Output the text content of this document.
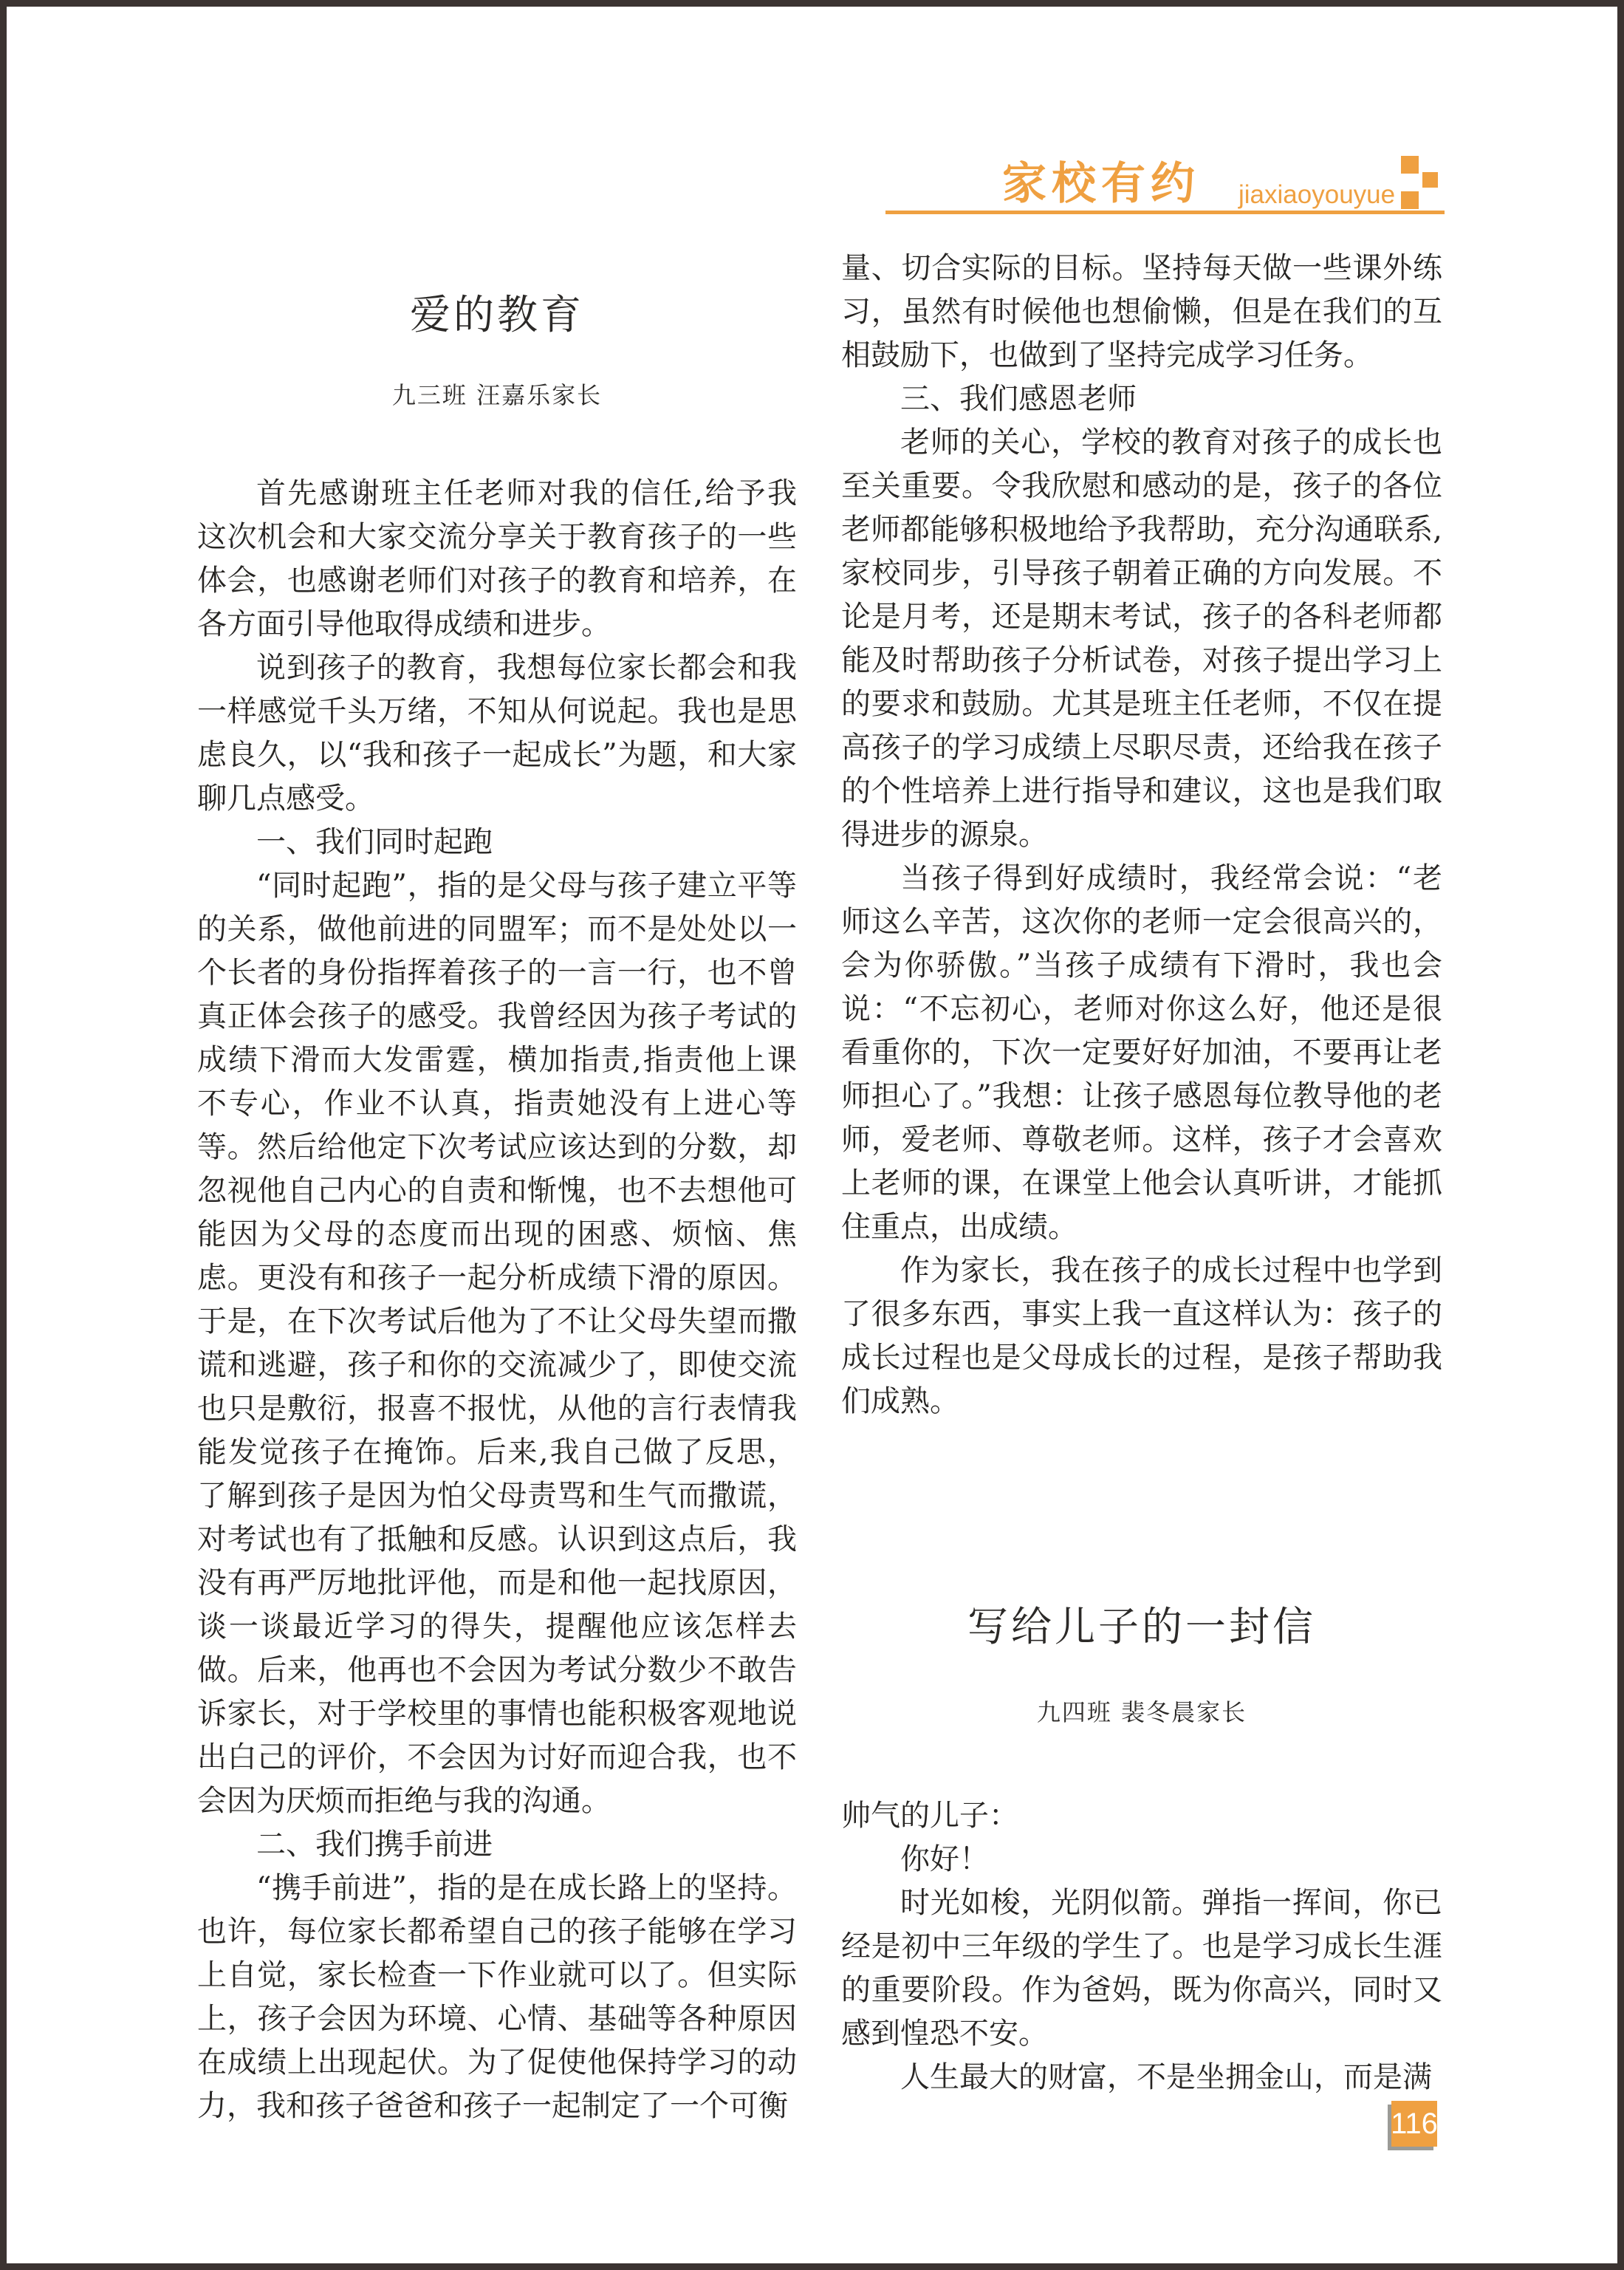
家校有约	jiaxiaoyouyue
爱的教育
九三班 汪嘉乐家长

首先感谢班主任老师对我的信任,给予我这次机会和大家交流分享关于教育孩子的一些体会，也感谢老师们对孩子的教育和培养，在各方面引导他取得成绩和进步。

说到孩子的教育，我想每位家长都会和我一样感觉千头万绪，不知从何说起。我也是思虑良久，以“我和孩子一起成长”为题，和大家聊几点感受。

一、我们同时起跑

“同时起跑”，指的是父母与孩子建立平等的关系，做他前进的同盟军；而不是处处以一个长者的身份指挥着孩子的一言一行，也不曾真正体会孩子的感受。我曾经因为孩子考试的成绩下滑而大发雷霆，横加指责,指责他上课不专心，作业不认真，指责她没有上进心等等。然后给他定下次考试应该达到的分数，却忽视他自己内心的自责和惭愧，也不去想他可能因为父母的态度而出现的困惑、烦恼、焦虑。更没有和孩子一起分析成绩下滑的原因。于是，在下次考试后他为了不让父母失望而撒谎和逃避，孩子和你的交流减少了，即使交流也只是敷衍，报喜不报忧，从他的言行表情我能发觉孩子在掩饰。后来,我自己做了反思，了解到孩子是因为怕父母责骂和生气而撒谎，对考试也有了抵触和反感。认识到这点后，我没有再严厉地批评他，而是和他一起找原因，谈一谈最近学习的得失，提醒他应该怎样去做。后来，他再也不会因为考试分数少不敢告诉家长，对于学校里的事情也能积极客观地说出白己的评价，不会因为讨好而迎合我，也不会因为厌烦而拒绝与我的沟通。

二、我们携手前进

“携手前进”，指的是在成长路上的坚持。也许，每位家长都希望自己的孩子能够在学习上自觉，家长检查一下作业就可以了。但实际上，孩子会因为环境、心情、基础等各种原因在成绩上出现起伏。为了促使他保持学习的动力，我和孩子爸爸和孩子一起制定了一个可衡

量、切合实际的目标。坚持每天做一些课外练习，虽然有时候他也想偷懒，但是在我们的互相鼓励下，也做到了坚持完成学习任务。

三、我们感恩老师

老师的关心，学校的教育对孩子的成长也至关重要。令我欣慰和感动的是，孩子的各位老师都能够积极地给予我帮助，充分沟通联系,家校同步，引导孩子朝着正确的方向发展。不论是月考，还是期末考试，孩子的各科老师都能及时帮助孩子分析试卷，对孩子提出学习上的要求和鼓励。尤其是班主任老师，不仅在提高孩子的学习成绩上尽职尽责，还给我在孩子的个性培养上进行指导和建议，这也是我们取得进步的源泉。

当孩子得到好成绩时，我经常会说：“老师这么辛苦，这次你的老师一定会很高兴的，会为你骄傲。”当孩子成绩有下滑时，我也会说：“不忘初心，老师对你这么好，他还是很看重你的，下次一定要好好加油，不要再让老师担心了。”我想：让孩子感恩每位教导他的老师，爱老师、尊敬老师。这样，孩子才会喜欢上老师的课，在课堂上他会认真听讲，才能抓住重点，出成绩。

作为家长，我在孩子的成长过程中也学到了很多东西，事实上我一直这样认为：孩子的成长过程也是父母成长的过程，是孩子帮助我们成熟。

写给儿子的一封信
九四班 裴冬晨家长

帅气的儿子：

你好！

时光如梭，光阴似箭。弹指一挥间，你已经是初中三年级的学生了。也是学习成长生涯的重要阶段。作为爸妈，既为你高兴，同时又感到惶恐不安。

人生最大的财富，不是坐拥金山，而是满

116
